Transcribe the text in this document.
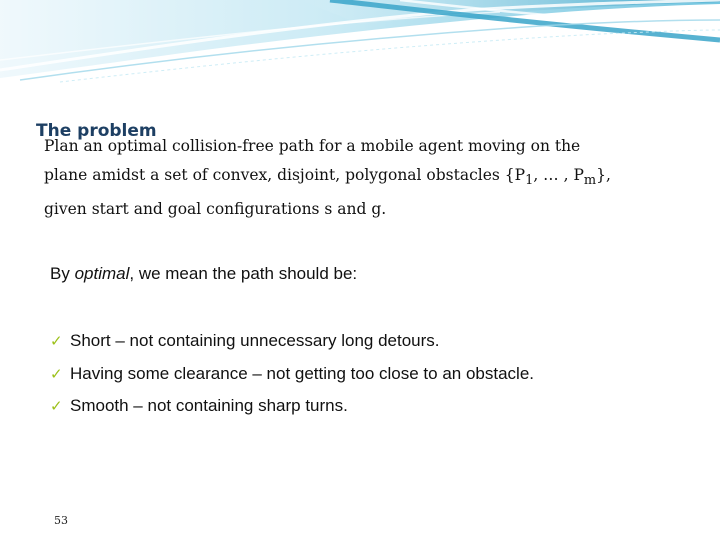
The problem

Plan an optimal collision-free path for a mobile agent moving on the
plane amidst a set of convex, disjoint, polygonal obstacles {$P_1$, … , $P_m$},
given start and goal configurations s and g.

By optimal, we mean the path should be:

✓ Short – not containing unnecessary long detours.
✓ Having some clearance – not getting too close to an obstacle.
✓ Smooth – not containing sharp turns.
53
